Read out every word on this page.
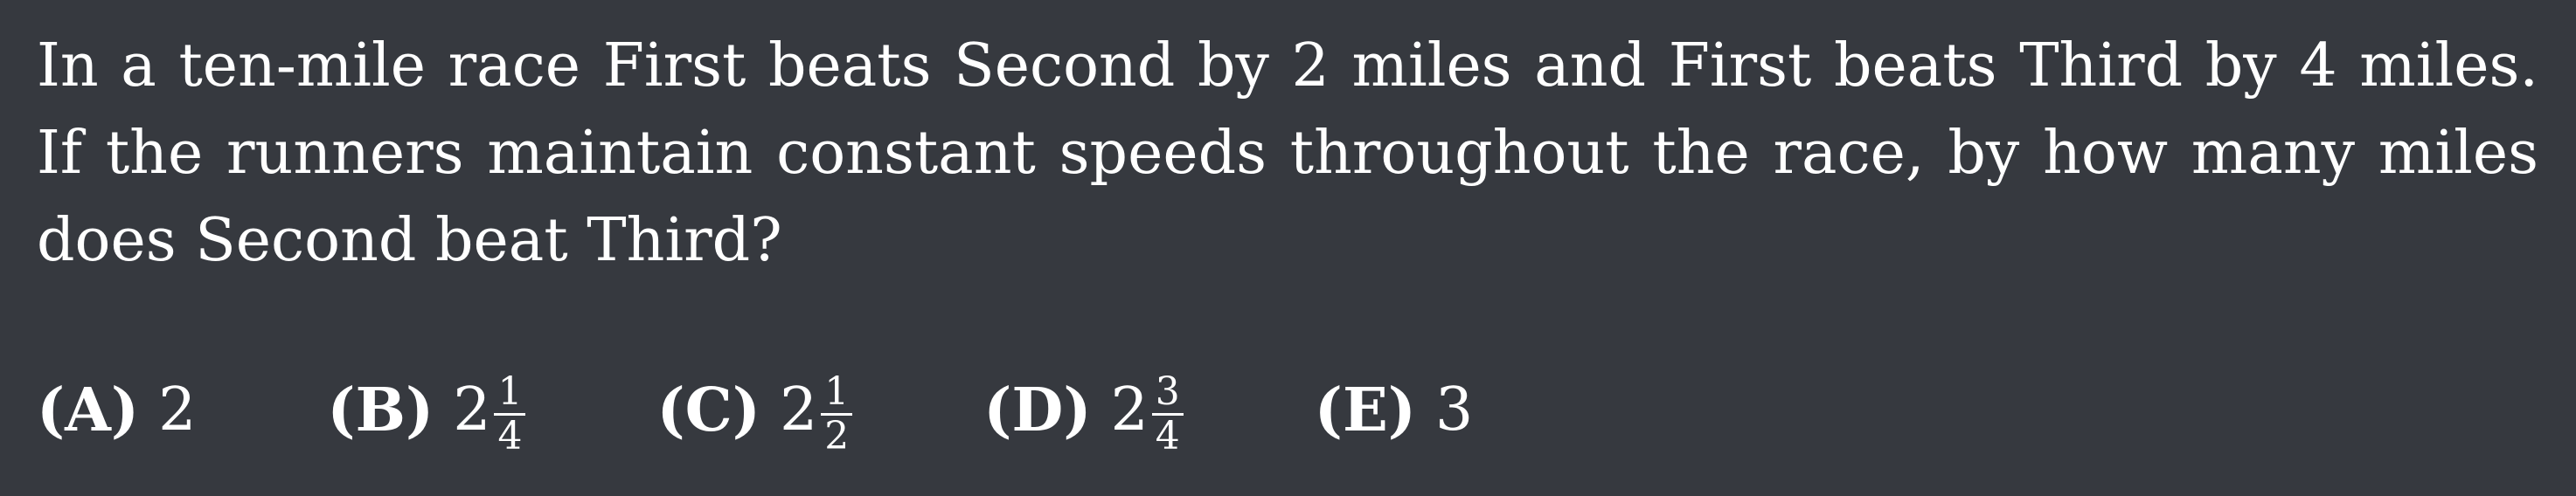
In a ten-mile race First beats Second by 2 miles and First beats Third by 4 miles. If the runners maintain constant speeds throughout the race, by how many miles does Second beat Third?

(A) 2 (B) $2 \frac{1}{4} (C)$ $2 \frac{1}{2} (D)$ $2 \frac{3}{4} (E)$ 3
